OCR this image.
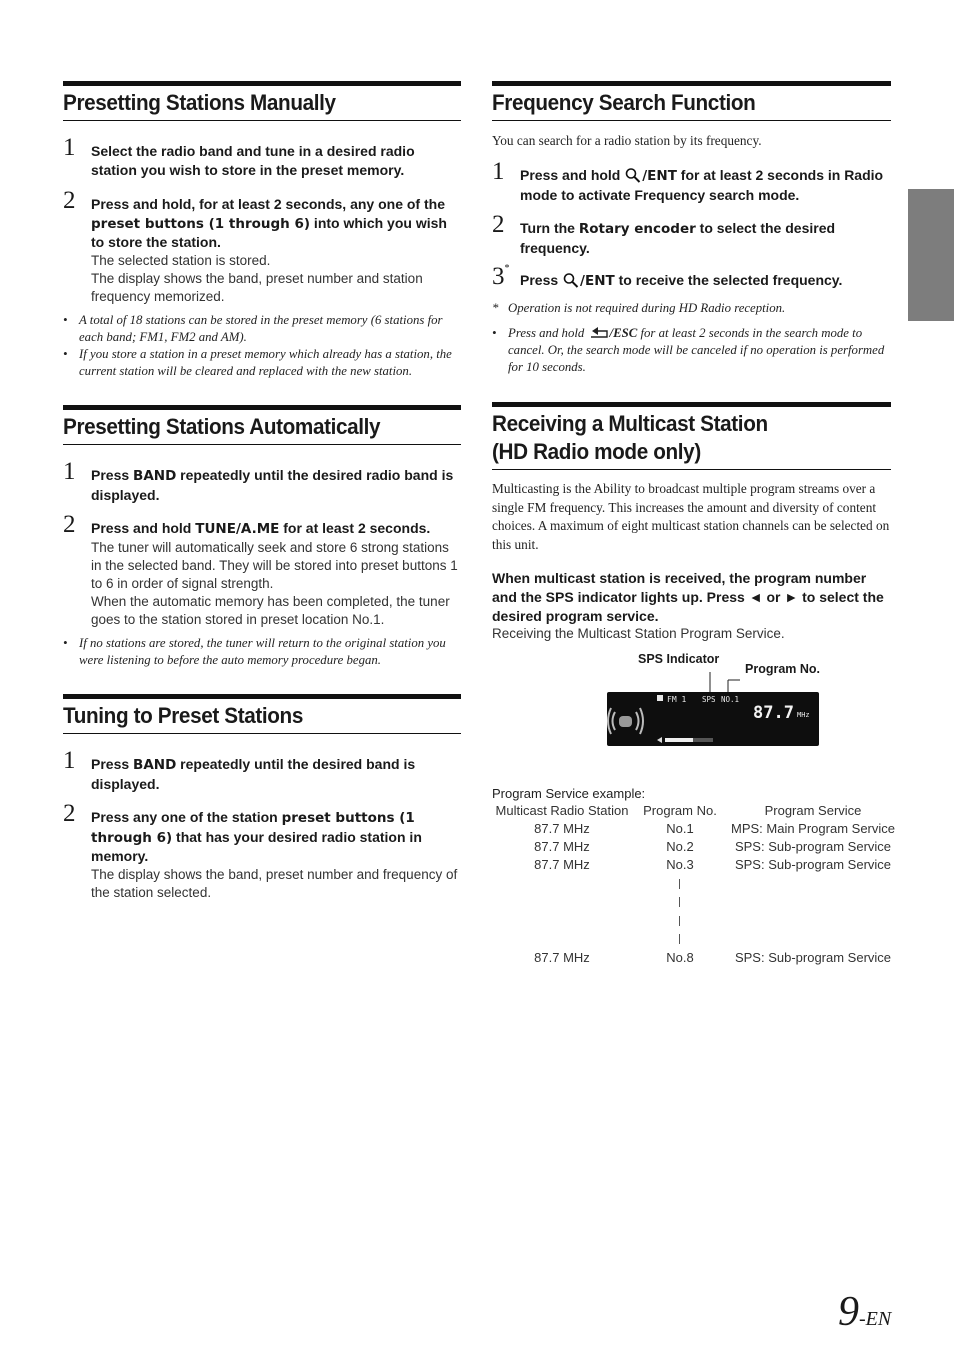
Presetting Stations Manually
1 Select the radio band and tune in a desired radio station you wish to store in the preset memory.
2 Press and hold, for at least 2 seconds, any one of the preset buttons (1 through 6) into which you wish to store the station.
The selected station is stored.
The display shows the band, preset number and station frequency memorized.
• A total of 18 stations can be stored in the preset memory (6 stations for each band; FM1, FM2 and AM).
• If you store a station in a preset memory which already has a station, the current station will be cleared and replaced with the new station.
Presetting Stations Automatically
1 Press BAND repeatedly until the desired radio band is displayed.
2 Press and hold TUNE/A.ME for at least 2 seconds.
The tuner will automatically seek and store 6 strong stations in the selected band. They will be stored into preset buttons 1 to 6 in order of signal strength.
When the automatic memory has been completed, the tuner goes to the station stored in preset location No.1.
• If no stations are stored, the tuner will return to the original station you were listening to before the auto memory procedure began.
Tuning to Preset Stations
1 Press BAND repeatedly until the desired band is displayed.
2 Press any one of the station preset buttons (1 through 6) that has your desired radio station in memory.
The display shows the band, preset number and frequency of the station selected.
Frequency Search Function
You can search for a radio station by its frequency.
1 Press and hold /ENT for at least 2 seconds in Radio mode to activate Frequency search mode.
2 Turn the Rotary encoder to select the desired frequency.
3*
Press /ENT to receive the selected frequency.
* Operation is not required during HD Radio reception.
• Press and hold /ESC for at least 2 seconds in the search mode to cancel. Or, the search mode will be canceled if no operation is performed for 10 seconds.
Receiving a Multicast Station
(HD Radio mode only)
Multicasting is the Ability to broadcast multiple program streams over a single FM frequency. This increases the amount and diversity of content choices. A maximum of eight multicast station channels can be selected on this unit.
When multicast station is received, the program number and the SPS indicator lights up. Press ◄ or ► to select the desired program service.
Receiving the Multicast Station Program Service.
SPS Indicator
Program No.
FM 1 SPS NO.1
87.7 MHz
Program Service example:
Multicast Radio Station	Program No.	Program Service
87.7 MHz	No.1	MPS: Main Program Service
87.7 MHz	No.2	SPS: Sub-program Service
87.7 MHz	No.3	SPS: Sub-program Service
87.7 MHz	No.8	SPS: Sub-program Service
9-EN
